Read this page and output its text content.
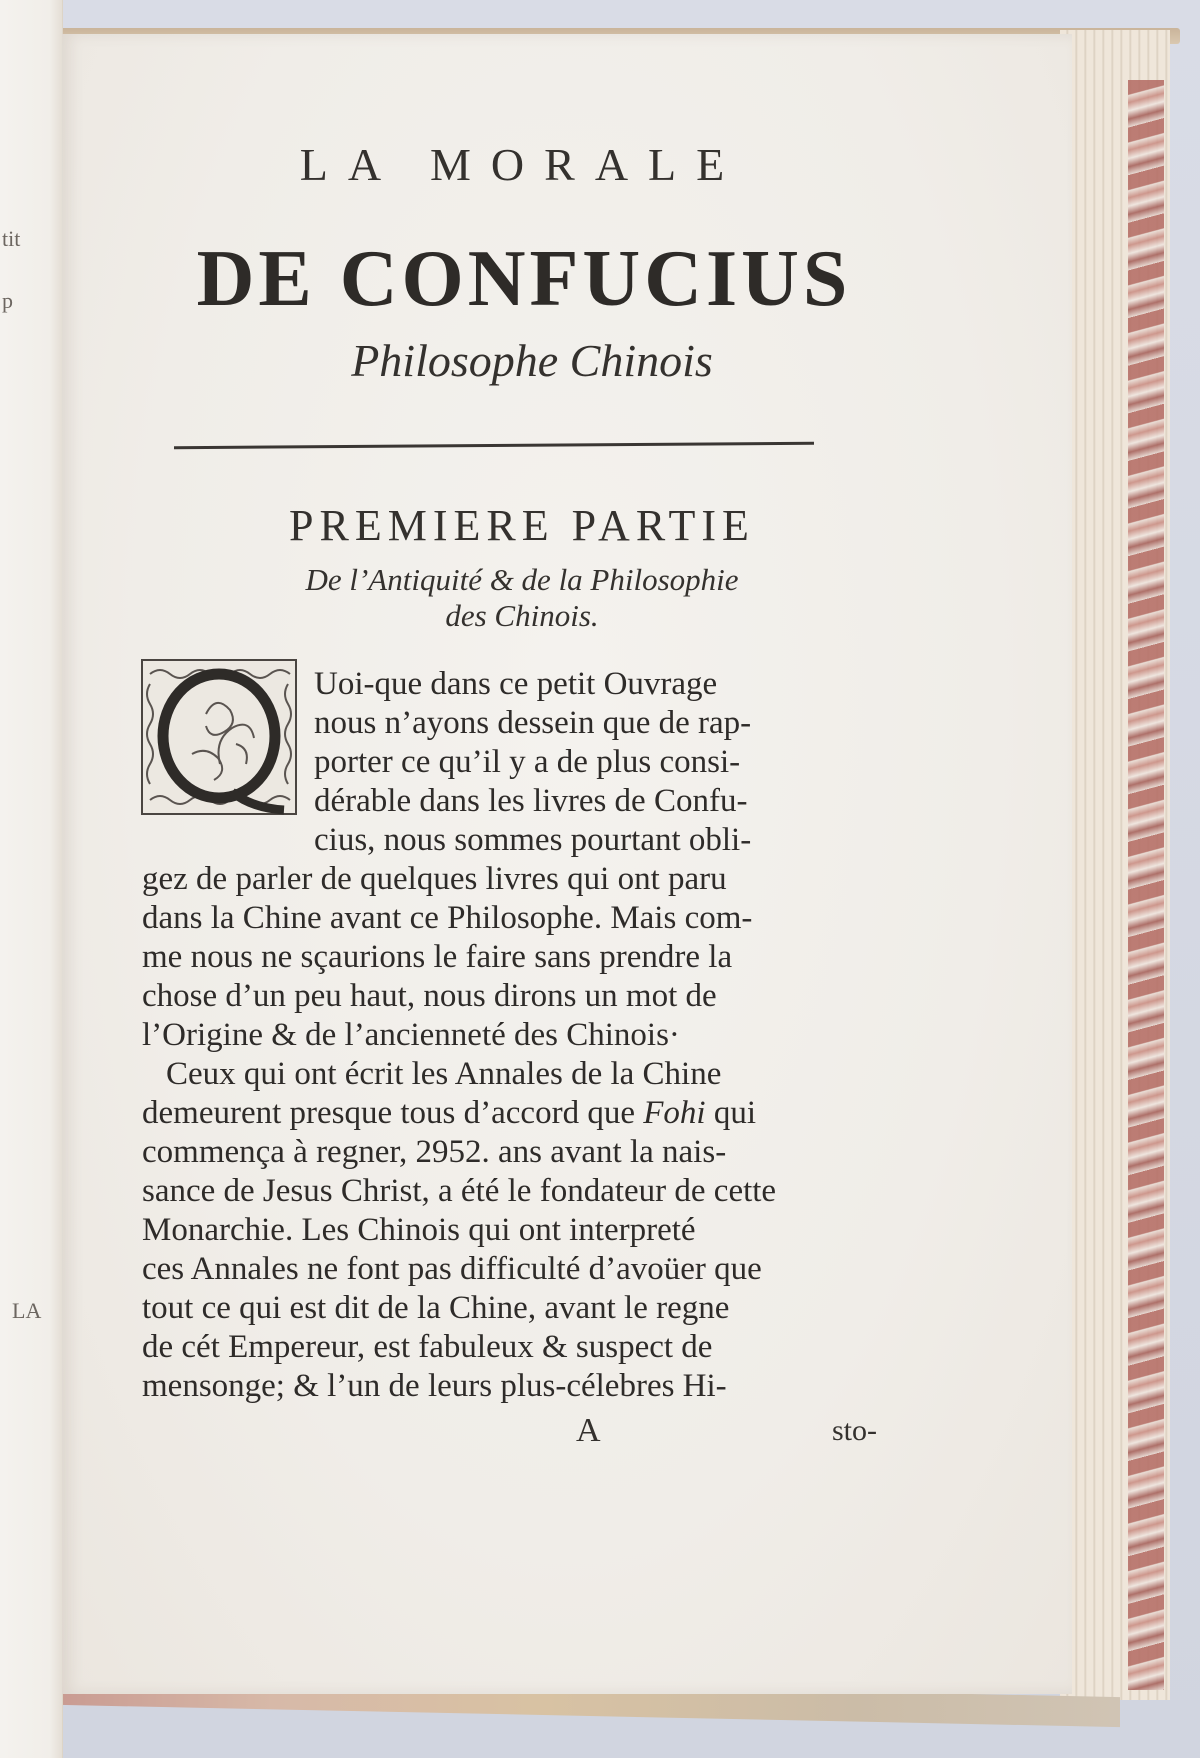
tit
p
LA
LA MORALE
DE CONFUCIUS
Philosophe Chinois
PREMIERE PARTIE
De l’Antiquité & de la Philosophie
des Chinois.
Q
Uoi-que dans ce petit Ouvrage
nous n’ayons dessein que de rap-
porter ce qu’il y a de plus consi-
dérable dans les livres de Confu-
cius, nous sommes pourtant obli-
gez de parler de quelques livres qui ont paru
dans la Chine avant ce Philosophe. Mais com-
me nous ne sçaurions le faire sans prendre la
chose d’un peu haut, nous dirons un mot de
l’Origine & de l’ancienneté des Chinois·
Ceux qui ont écrit les Annales de la Chine
demeurent presque tous d’accord que Fohi qui
commença à regner, 2952. ans avant la nais-
sance de Jesus Christ, a été le fondateur de cette
Monarchie. Les Chinois qui ont interpreté
ces Annales ne font pas difficulté d’avoüer que
tout ce qui est dit de la Chine, avant le regne
de cét Empereur, est fabuleux & suspect de
mensonge; & l’un de leurs plus-célebres Hi-
A	sto-
